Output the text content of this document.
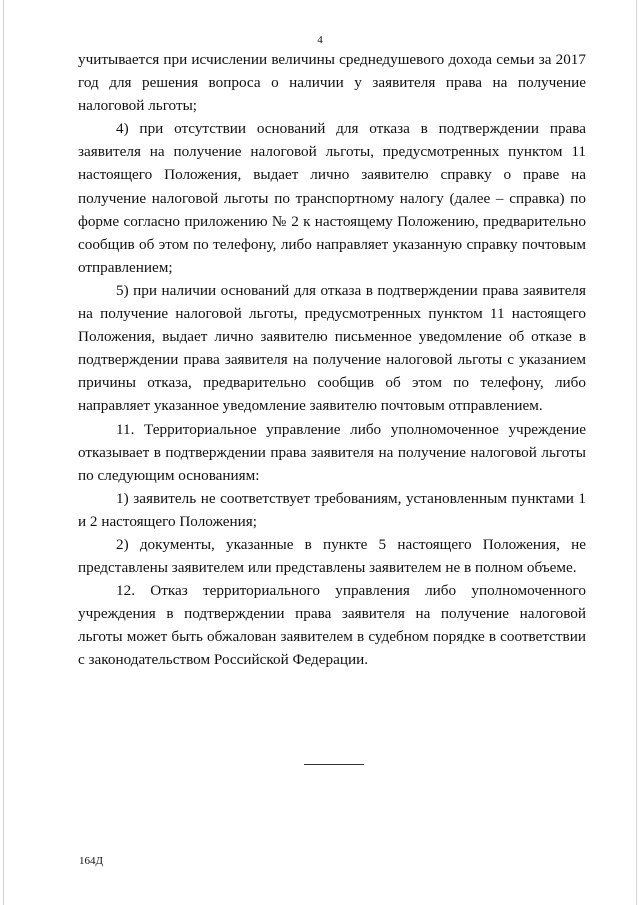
4

учитывается при исчислении величины среднедушевого дохода семьи за 2017 год для решения вопроса о наличии у заявителя права на получение налоговой льготы;

4) при отсутствии оснований для отказа в подтверждении права заявителя на получение налоговой льготы, предусмотренных пунктом 11 настоящего Положения, выдает лично заявителю справку о праве на получение налоговой льготы по транспортному налогу (далее – справка) по форме согласно приложению № 2 к настоящему Положению, предварительно сообщив об этом по телефону, либо направляет указанную справку почтовым отправлением;

5) при наличии оснований для отказа в подтверждении права заявителя на получение налоговой льготы, предусмотренных пунктом 11 настоящего Положения, выдает лично заявителю письменное уведомление об отказе в подтверждении права заявителя на получение налоговой льготы с указанием причины отказа, предварительно сообщив об этом по телефону, либо направляет указанное уведомление заявителю почтовым отправлением.

11. Территориальное управление либо уполномоченное учреждение отказывает в подтверждении права заявителя на получение налоговой льготы по следующим основаниям:

1) заявитель не соответствует требованиям, установленным пунктами 1 и 2 настоящего Положения;

2) документы, указанные в пункте 5 настоящего Положения, не представлены заявителем или представлены заявителем не в полном объеме.

12. Отказ территориального управления либо уполномоченного учреждения в подтверждении права заявителя на получение налоговой льготы может быть обжалован заявителем в судебном порядке в соответствии с законодательством Российской Федерации.

164Д
